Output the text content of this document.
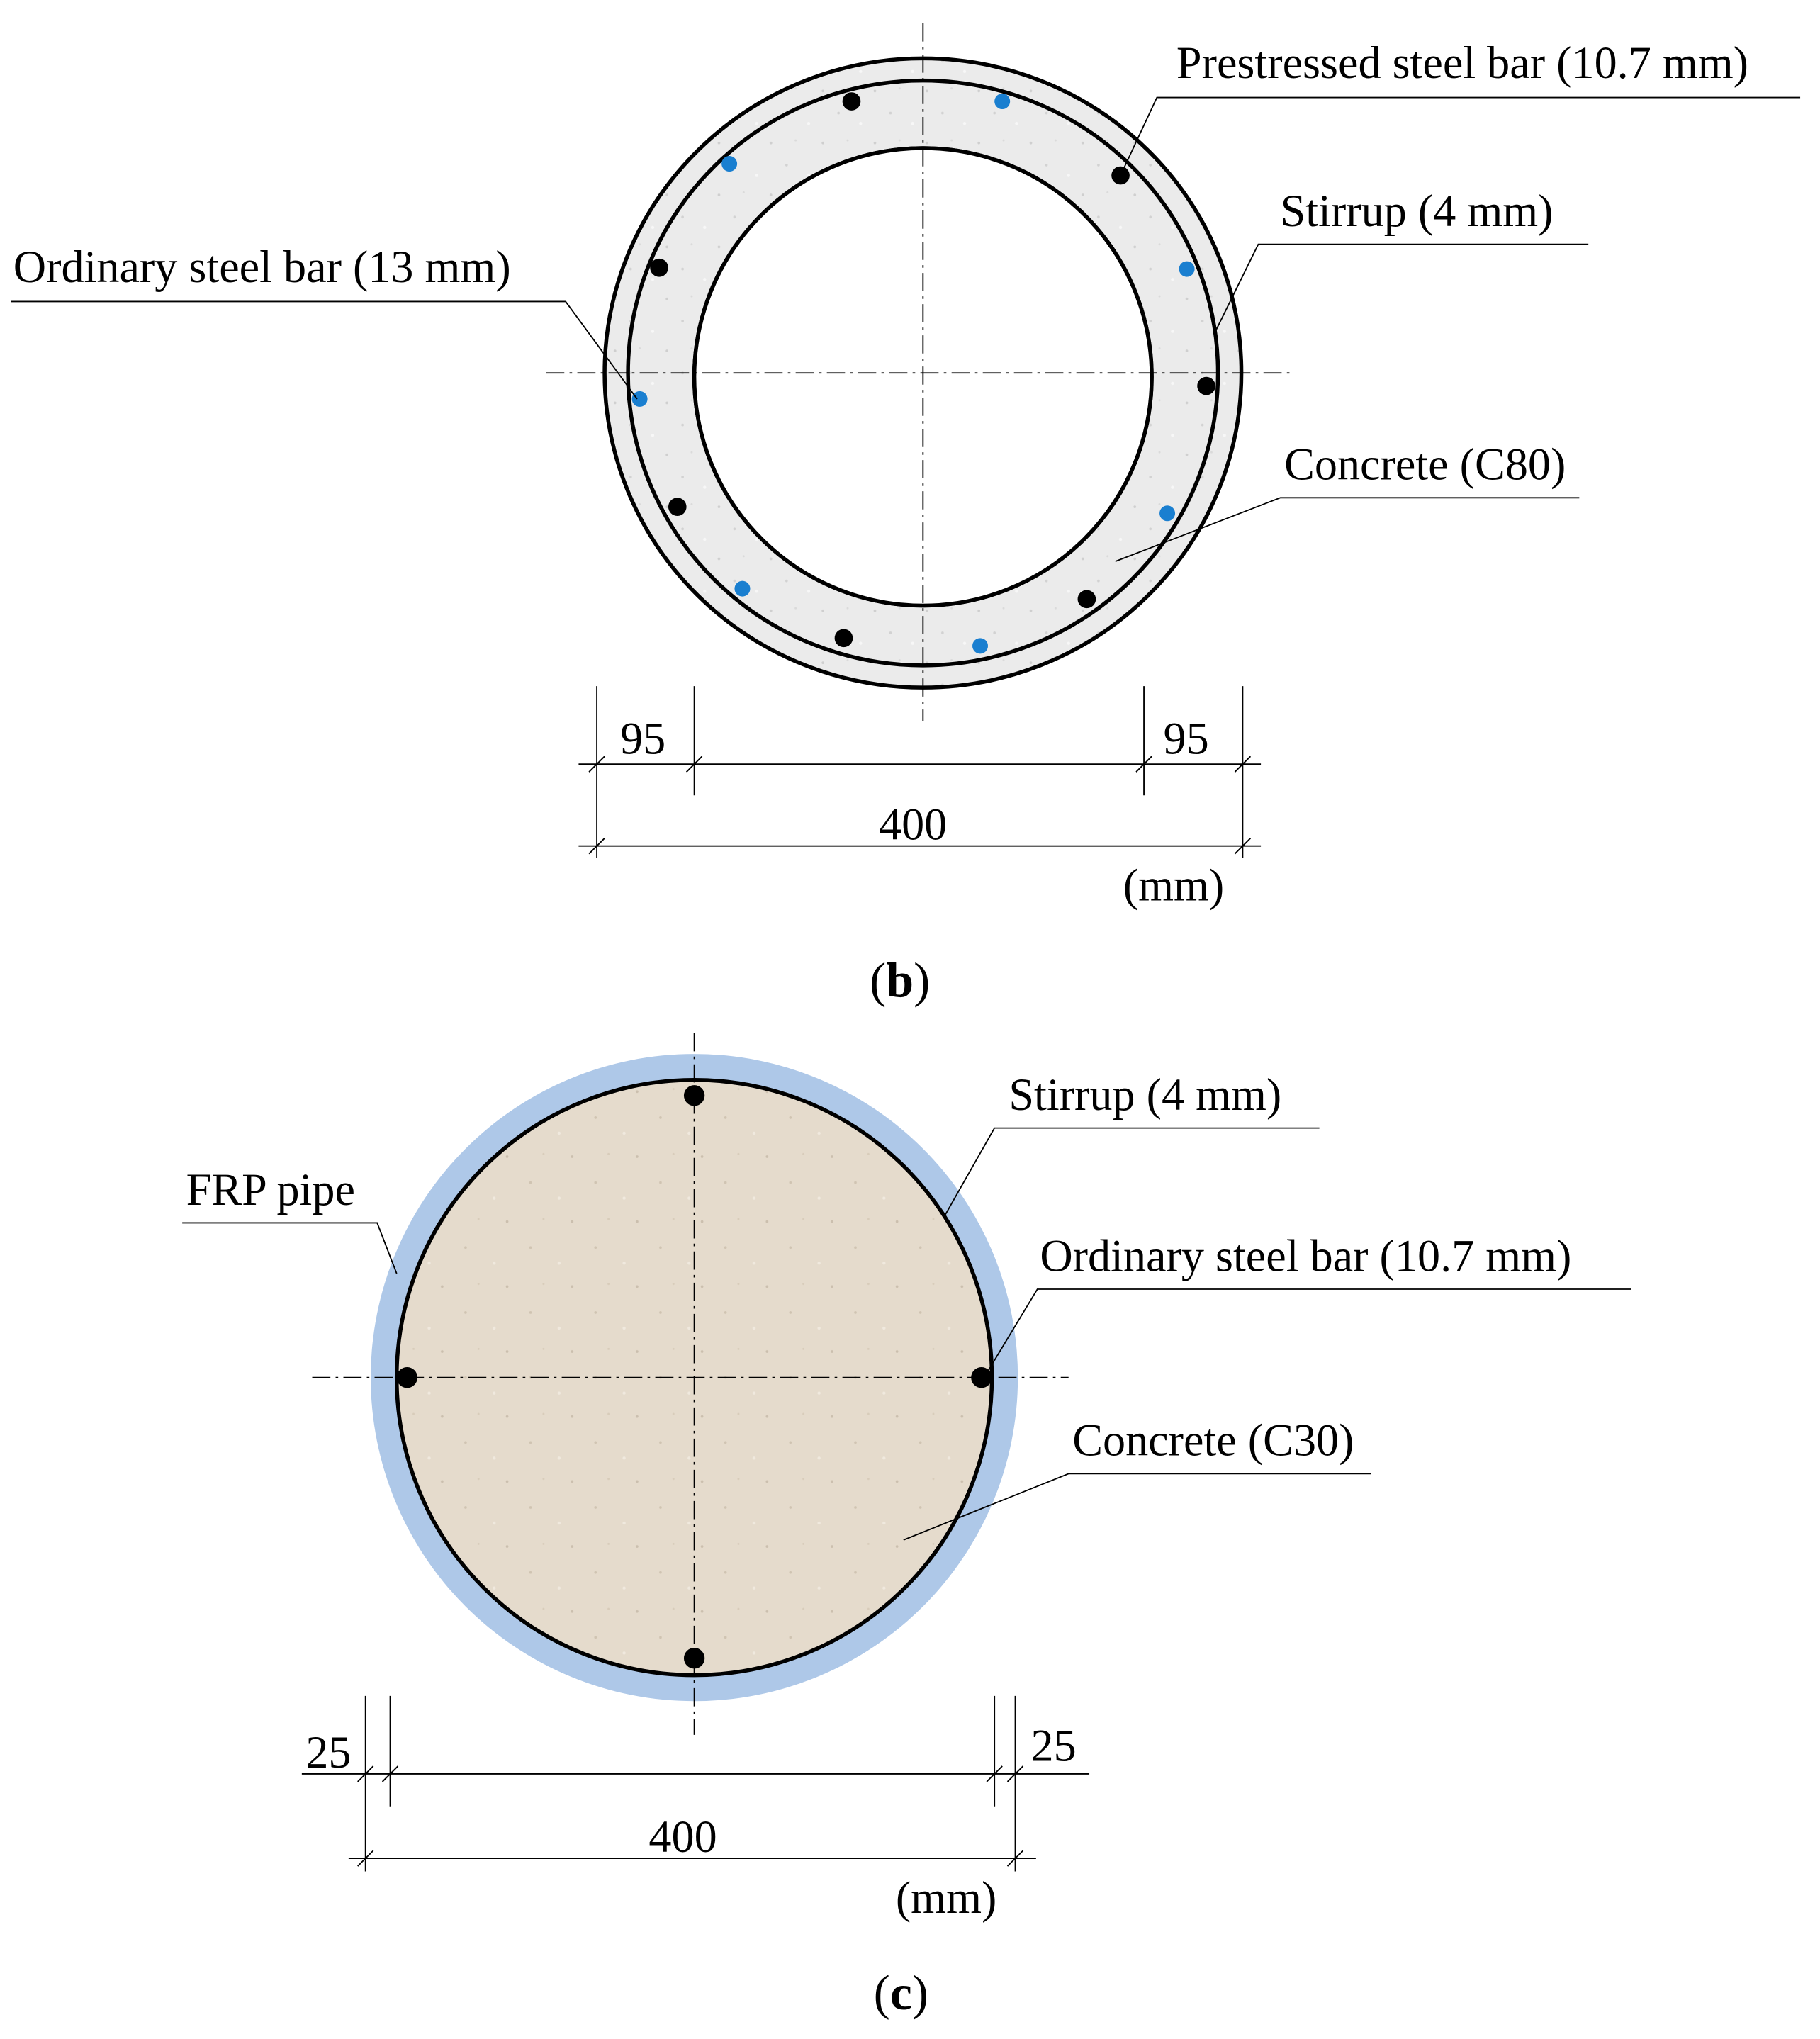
Prestressed steel bar (10.7 mm)
Stirrup (4 mm)
Ordinary steel bar (13 mm)
Concrete (C80)
95	95
400
(mm)
(b)
Stirrup (4 mm)
FRP pipe
Ordinary steel bar (10.7 mm)
Concrete (C30)
25	25
400
(mm)
(c)
